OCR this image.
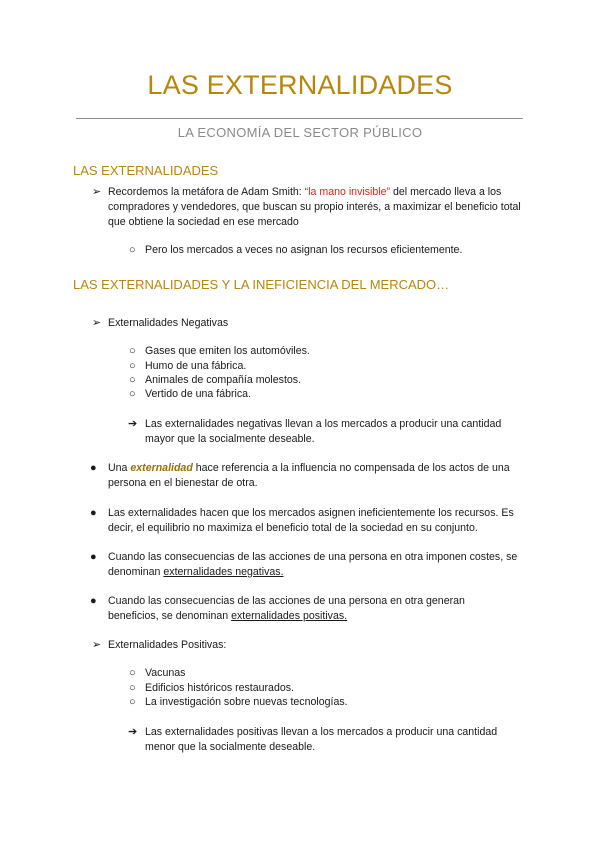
LAS EXTERNALIDADES
LA ECONOMÍA DEL SECTOR PÚBLICO
LAS EXTERNALIDADES
➢ Recordemos la metáfora de Adam Smith: “la mano invisible” del mercado lleva a los compradores y vendedores, que buscan su propio interés, a maximizar el beneficio total que obtiene la sociedad en ese mercado
○ Pero los mercados a veces no asignan los recursos eficientemente.
LAS EXTERNALIDADES Y LA INEFICIENCIA DEL MERCADO…
➢ Externalidades Negativas
○ Gases que emiten los automóviles.
○ Humo de una fábrica.
○ Animales de compañía molestos.
○ Vertido de una fábrica.
➔ Las externalidades negativas llevan a los mercados a producir una cantidad mayor que la socialmente deseable.
● Una externalidad hace referencia a la influencia no compensada de los actos de una persona en el bienestar de otra.
● Las externalidades hacen que los mercados asignen ineficientemente los recursos. Es decir, el equilibrio no maximiza el beneficio total de la sociedad en su conjunto.
● Cuando las consecuencias de las acciones de una persona en otra imponen costes, se denominan externalidades negativas.
● Cuando las consecuencias de las acciones de una persona en otra generan beneficios, se denominan externalidades positivas.
➢ Externalidades Positivas:
○ Vacunas
○ Edificios históricos restaurados.
○ La investigación sobre nuevas tecnologías.
➔ Las externalidades positivas llevan a los mercados a producir una cantidad menor que la socialmente deseable.
